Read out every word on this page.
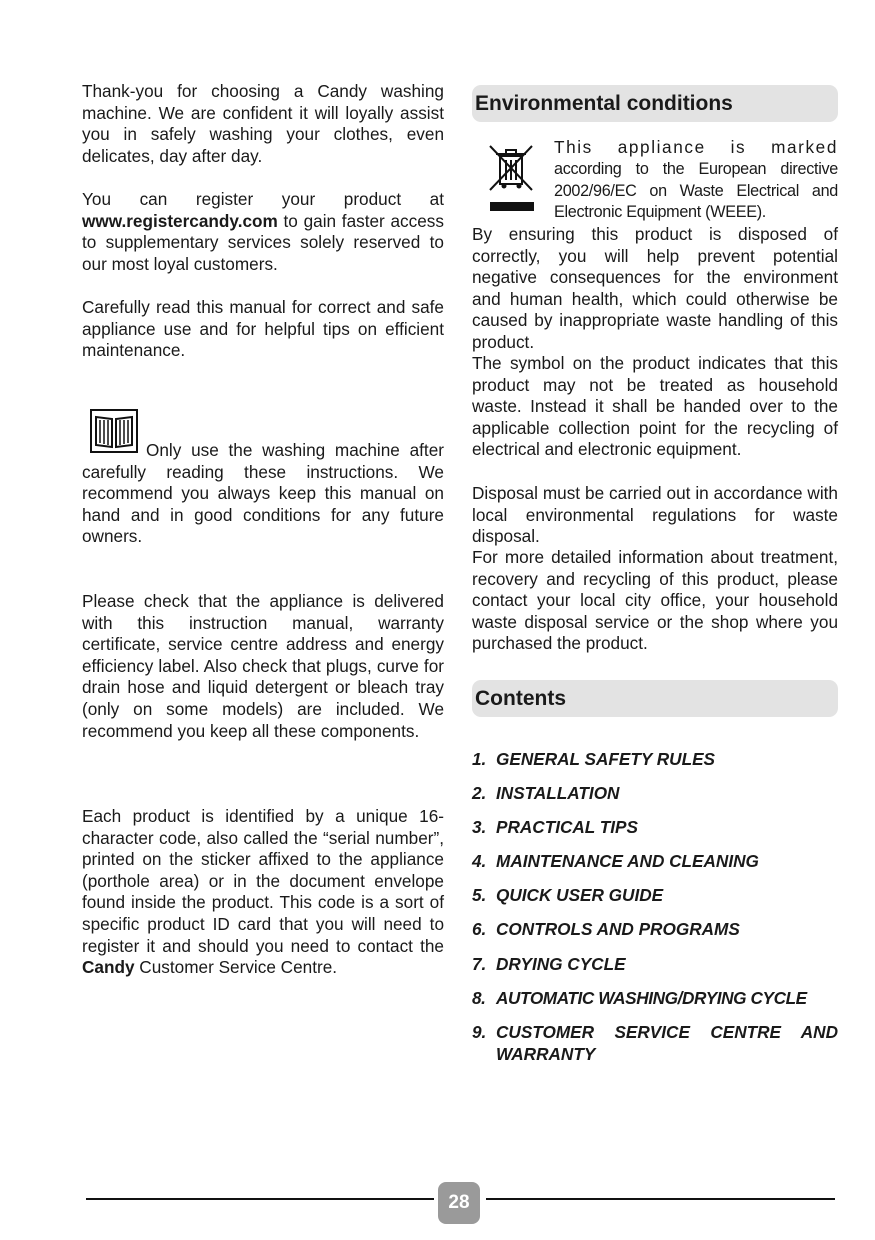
Thank-you for choosing a Candy washing machine. We are confident it will loyally assist you in safely washing your clothes, even delicates, day after day.

You can register your product at www.registercandy.com to gain faster access to supplementary services solely reserved to our most loyal customers.

Carefully read this manual for correct and safe appliance use and for helpful tips on efficient maintenance.

Only use the washing machine after carefully reading these instructions. We recommend you always keep this manual on hand and in good conditions for any future owners.

Please check that the appliance is delivered with this instruction manual, warranty certificate, service centre address and energy efficiency label. Also check that plugs, curve for drain hose and liquid detergent or bleach tray (only on some models) are included. We recommend you keep all these components.

Each product is identified by a unique 16-character code, also called the “serial number”, printed on the sticker affixed to the appliance (porthole area) or in the document envelope found inside the product. This code is a sort of specific product ID card that you will need to register it and should you need to contact the Candy Customer Service Centre.

Environmental conditions

This appliance is marked

according to the European directive 2002/96/EC on Waste Electrical and Electronic Equipment (WEEE).

By ensuring this product is disposed of correctly, you will help prevent potential negative consequences for the environment and human health, which could otherwise be caused by inappropriate waste handling of this product.

The symbol on the product indicates that this product may not be treated as household waste. Instead it shall be handed over to the applicable collection point for the recycling of electrical and electronic equipment.

Disposal must be carried out in accordance with local environmental regulations for waste disposal.

For more detailed information about treatment, recovery and recycling of this product, please contact your local city office, your household waste disposal service or the shop where you purchased the product.

Contents
1. GENERAL SAFETY RULES
2. INSTALLATION
3. PRACTICAL TIPS
4. MAINTENANCE AND CLEANING
5. QUICK USER GUIDE
6. CONTROLS AND PROGRAMS
7. DRYING CYCLE
8. AUTOMATIC WASHING/DRYING CYCLE
9. CUSTOMER SERVICE CENTRE AND WARRANTY
28
